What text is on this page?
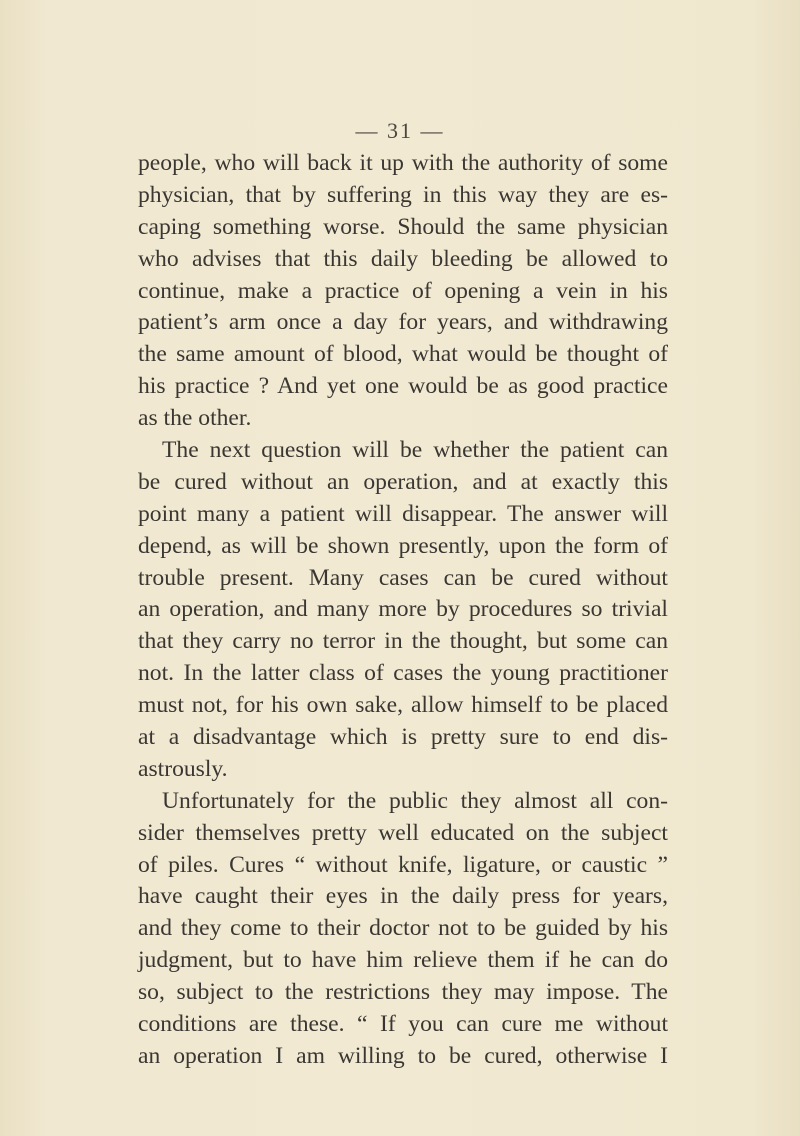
— 31 —
people, who will back it up with the authority of some
physician, that by suffering in this way they are es-
caping something worse. Should the same physician
who advises that this daily bleeding be allowed to
continue, make a practice of opening a vein in his
patient’s arm once a day for years, and withdrawing
the same amount of blood, what would be thought of
his practice ? And yet one would be as good practice
as the other.
The next question will be whether the patient can
be cured without an operation, and at exactly this
point many a patient will disappear. The answer will
depend, as will be shown presently, upon the form of
trouble present. Many cases can be cured without
an operation, and many more by procedures so trivial
that they carry no terror in the thought, but some can
not. In the latter class of cases the young practitioner
must not, for his own sake, allow himself to be placed
at a disadvantage which is pretty sure to end dis-
astrously.
Unfortunately for the public they almost all con-
sider themselves pretty well educated on the subject
of piles. Cures “ without knife, ligature, or caustic ”
have caught their eyes in the daily press for years,
and they come to their doctor not to be guided by his
judgment, but to have him relieve them if he can do
so, subject to the restrictions they may impose. The
conditions are these. “ If you can cure me without
an operation I am willing to be cured, otherwise I
